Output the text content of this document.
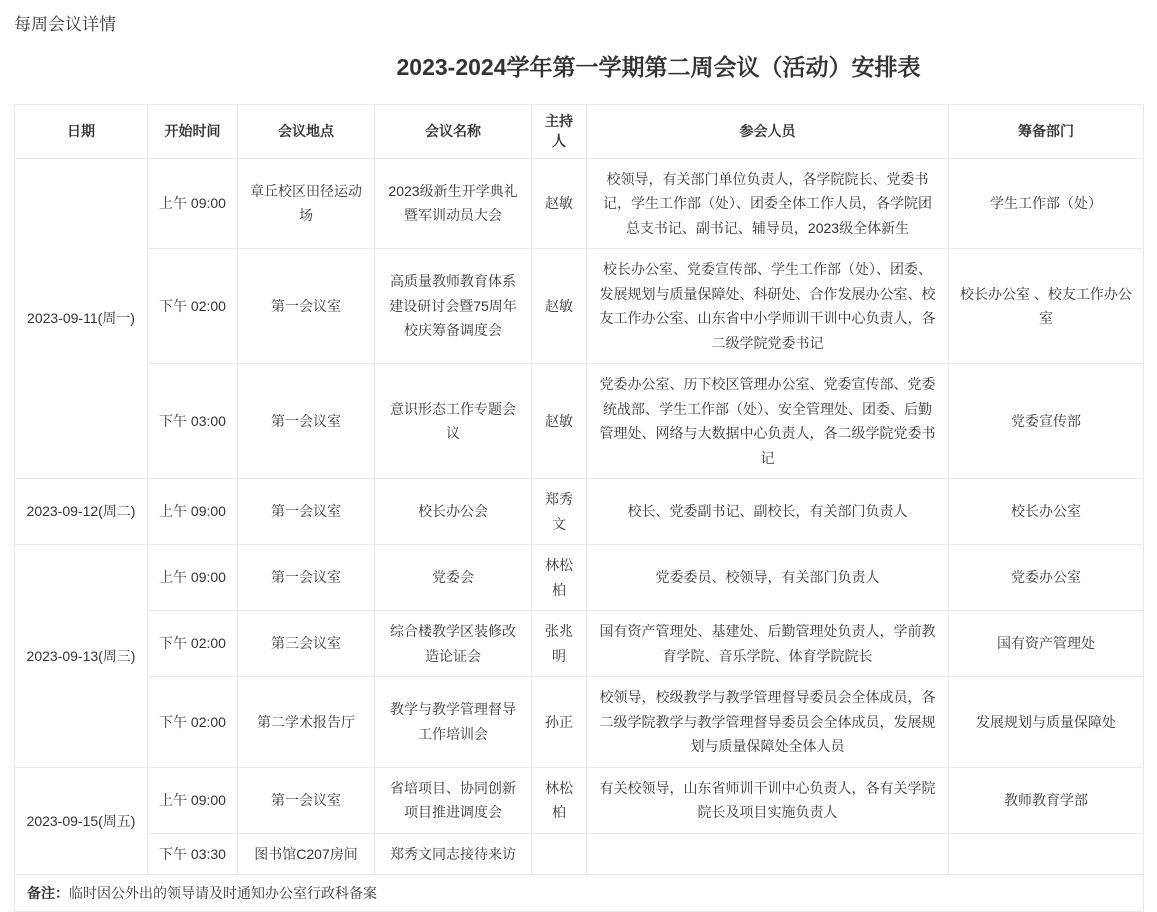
每周会议详情
2023-2024学年第一学期第二周会议（活动）安排表
日期	开始时间	会议地点	会议名称	主持人	参会人员	筹备部门
2023-09-11(周一)	上午 09:00	章丘校区田径运动场	2023级新生开学典礼暨军训动员大会	赵敏	校领导，有关部门单位负责人，各学院院长、党委书记，学生工作部（处）、团委全体工作人员，各学院团总支书记、副书记、辅导员，2023级全体新生	学生工作部（处）
	下午 02:00	第一会议室	高质量教师教育体系建设研讨会暨75周年校庆筹备调度会	赵敏	校长办公室、党委宣传部、学生工作部（处）、团委、发展规划与质量保障处、科研处、合作发展办公室、校友工作办公室、山东省中小学师训干训中心负责人，各二级学院党委书记	校长办公室 、校友工作办公室
	下午 03:00	第一会议室	意识形态工作专题会议	赵敏	党委办公室、历下校区管理办公室、党委宣传部、党委统战部、学生工作部（处）、安全管理处、团委、后勤管理处、网络与大数据中心负责人，各二级学院党委书记	党委宣传部
2023-09-12(周二)	上午 09:00	第一会议室	校长办公会	郑秀文	校长、党委副书记、副校长，有关部门负责人	校长办公室
2023-09-13(周三)	上午 09:00	第一会议室	党委会	林松柏	党委委员、校领导，有关部门负责人	党委办公室
	下午 02:00	第三会议室	综合楼教学区装修改造论证会	张兆明	国有资产管理处、基建处、后勤管理处负责人，学前教育学院、音乐学院、体育学院院长	国有资产管理处
	下午 02:00	第二学术报告厅	教学与教学管理督导工作培训会	孙正	校领导，校级教学与教学管理督导委员会全体成员，各二级学院教学与教学管理督导委员会全体成员，发展规划与质量保障处全体人员	发展规划与质量保障处
2023-09-15(周五)	上午 09:00	第一会议室	省培项目、协同创新项目推进调度会	林松柏	有关校领导，山东省师训干训中心负责人，各有关学院院长及项目实施负责人	教师教育学部
	下午 03:30	图书馆C207房间	郑秀文同志接待来访			
备注：临时因公外出的领导请及时通知办公室行政科备案						
